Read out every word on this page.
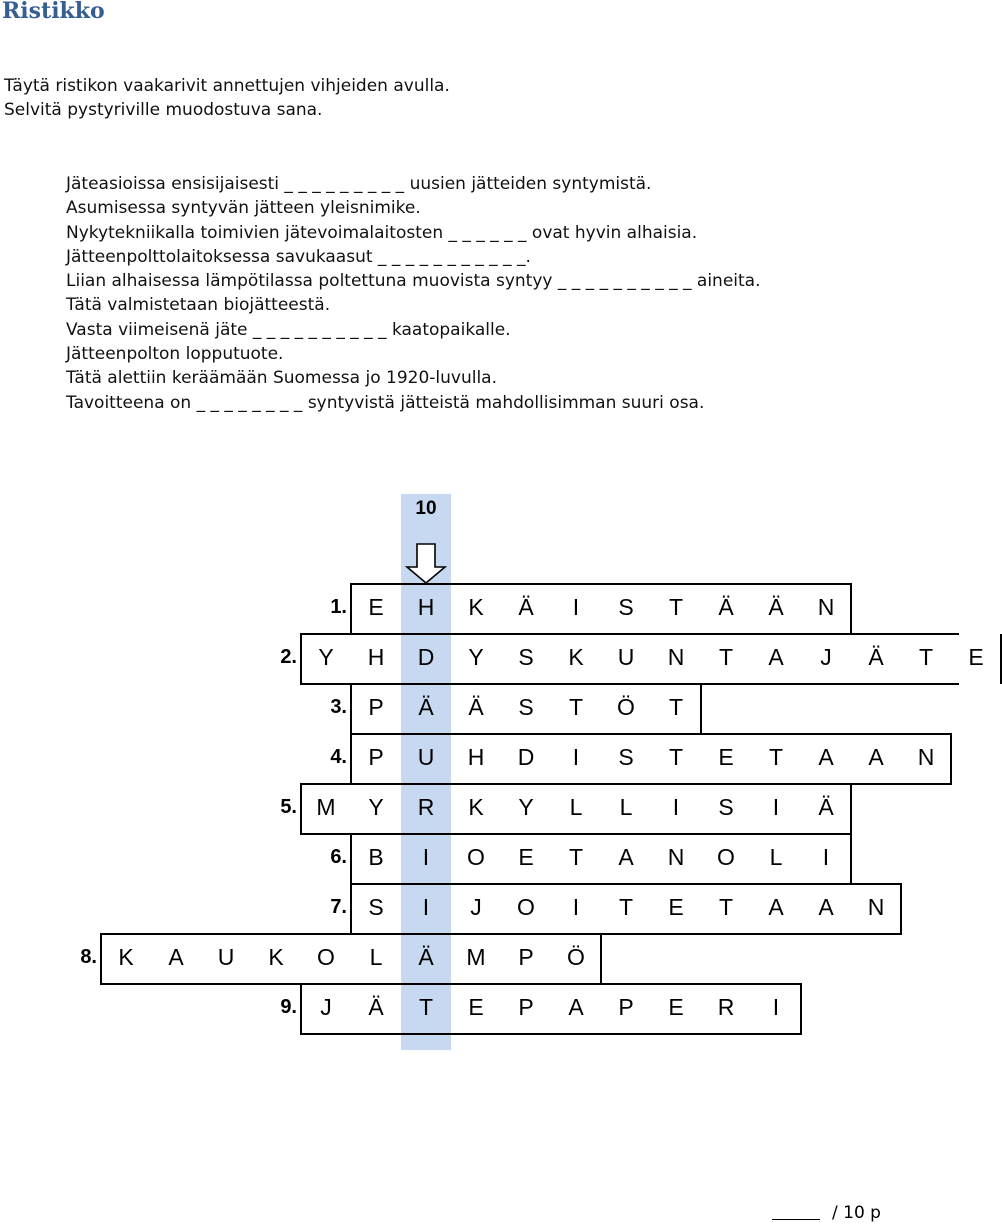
Ristikko
Täytä ristikon vaakarivit annettujen vihjeiden avulla.
Selvitä pystyriville muodostuva sana.
Jäteasioissa ensisijaisesti _ _ _ _ _ _ _ _ _ uusien jätteiden syntymistä.
Asumisessa syntyvän jätteen yleisnimike.
Nykytekniikalla toimivien jätevoimalaitosten _ _ _ _ _ _ ovat hyvin alhaisia.
Jätteenpolttolaitoksessa savukaasut _ _ _ _ _ _ _ _ _ _ _.
Liian alhaisessa lämpötilassa poltettuna muovista syntyy _ _ _ _ _ _ _ _ _ _ aineita.
Tätä valmistetaan biojätteestä.
Vasta viimeisenä jäte _ _ _ _ _ _ _ _ _ _ kaatopaikalle.
Jätteenpolton lopputuote.
Tätä alettiin keräämään Suomessa jo 1920-luvulla.
Tavoitteena on _ _ _ _ _ _ _ _ syntyvistä jätteistä mahdollisimman suuri osa.
10
1. E	H	K	Ä	I	S	T	Ä	Ä	N
2. Y	H	D	Y	S	K	U	N	T	A	J	Ä	T	E
3. P	Ä	Ä	S	T	Ö	T
4. P	U	H	D	I	S	T	E	T	A	A	N
5. M	Y	R	K	Y	L	L	I	S	I	Ä
6. B	I	O	E	T	A	N	O	L	I
7. S	I	J	O	I	T	E	T	A	A	N
8. K	A	U	K	O	L	Ä	M	P	Ö
9.	J	Ä	T	E	P	A	P	E	R	I
/ 10 p
